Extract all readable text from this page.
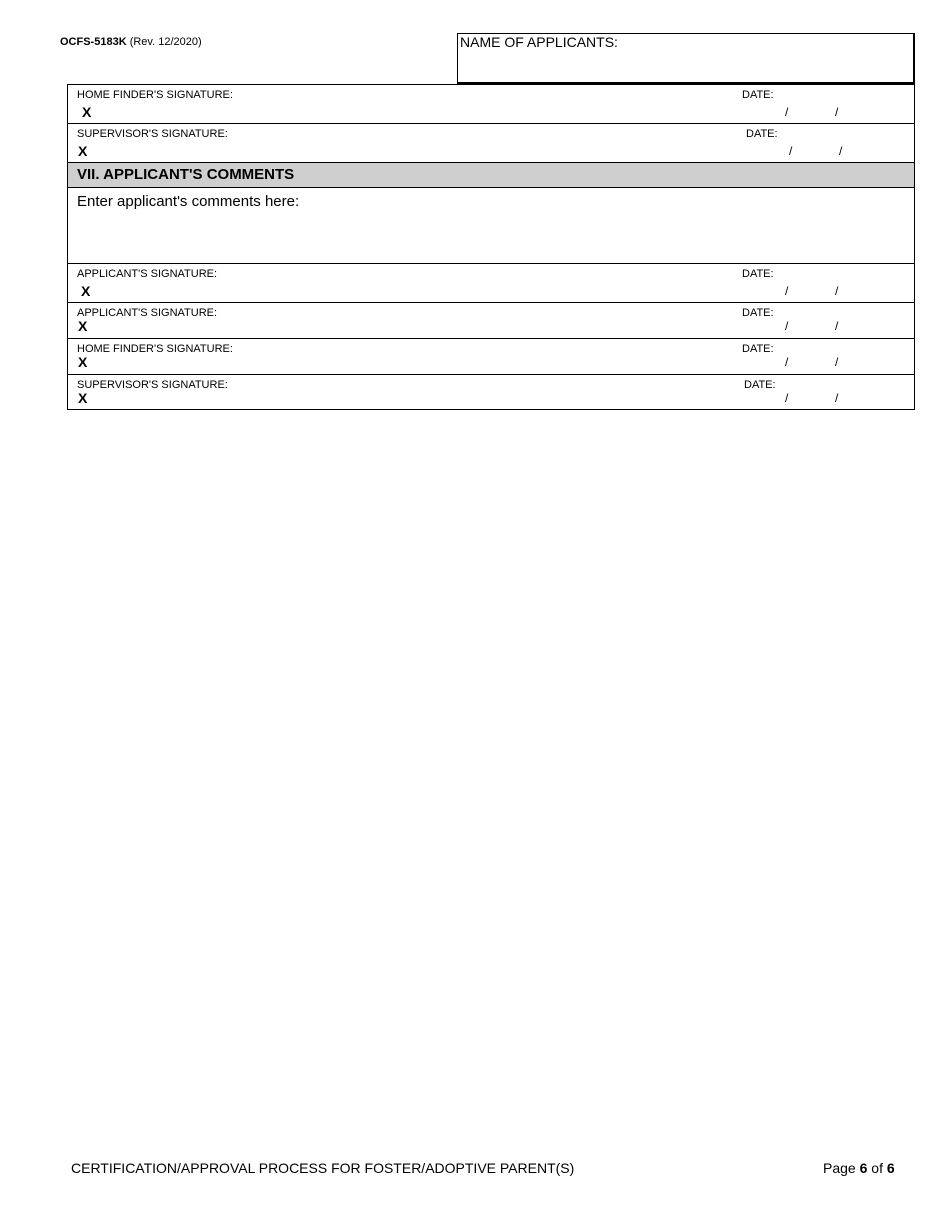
OCFS-5183K (Rev. 12/2020)	NAME OF APPLICANTS:
HOME FINDER'S SIGNATURE:
X
DATE:
/	/
SUPERVISOR'S SIGNATURE:
X
DATE:
/	/
VII. APPLICANT'S COMMENTS
Enter applicant's comments here:
APPLICANT'S SIGNATURE:
X
DATE:
/	/
APPLICANT'S SIGNATURE:
X
DATE:
/	/
HOME FINDER'S SIGNATURE:
X
DATE:
/	/
SUPERVISOR'S SIGNATURE:
X
DATE:
/	/
CERTIFICATION/APPROVAL PROCESS FOR FOSTER/ADOPTIVE PARENT(S)	Page 6 of 6
